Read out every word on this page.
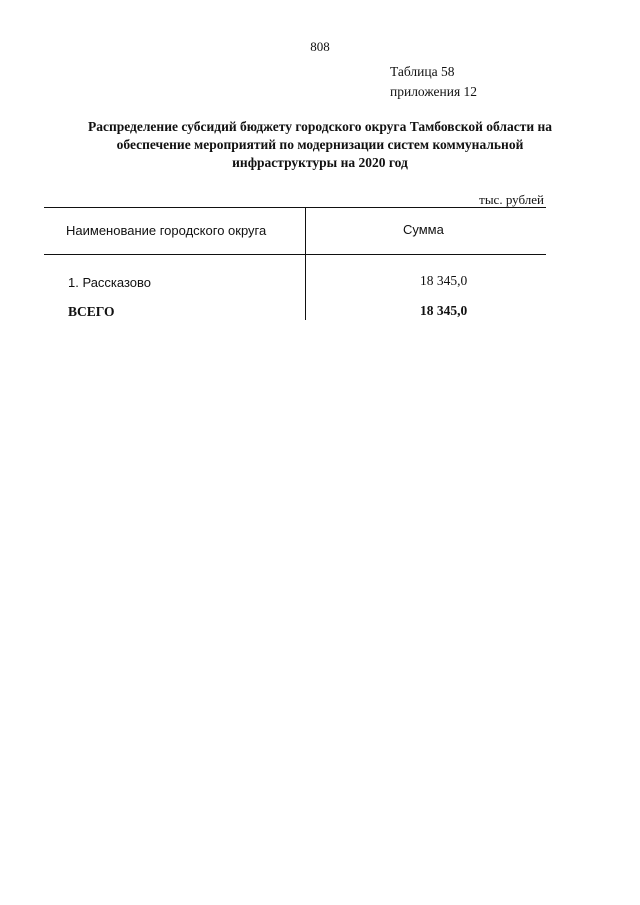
808
Таблица 58
приложения 12
Распределение субсидий бюджету городского округа Тамбовской области на
обеспечение мероприятий по модернизации систем коммунальной
инфраструктуры на 2020 год
тыс. рублей
Наименование городского округа	Сумма
1. Рассказово	18 345,0
ВСЕГО	18 345,0
